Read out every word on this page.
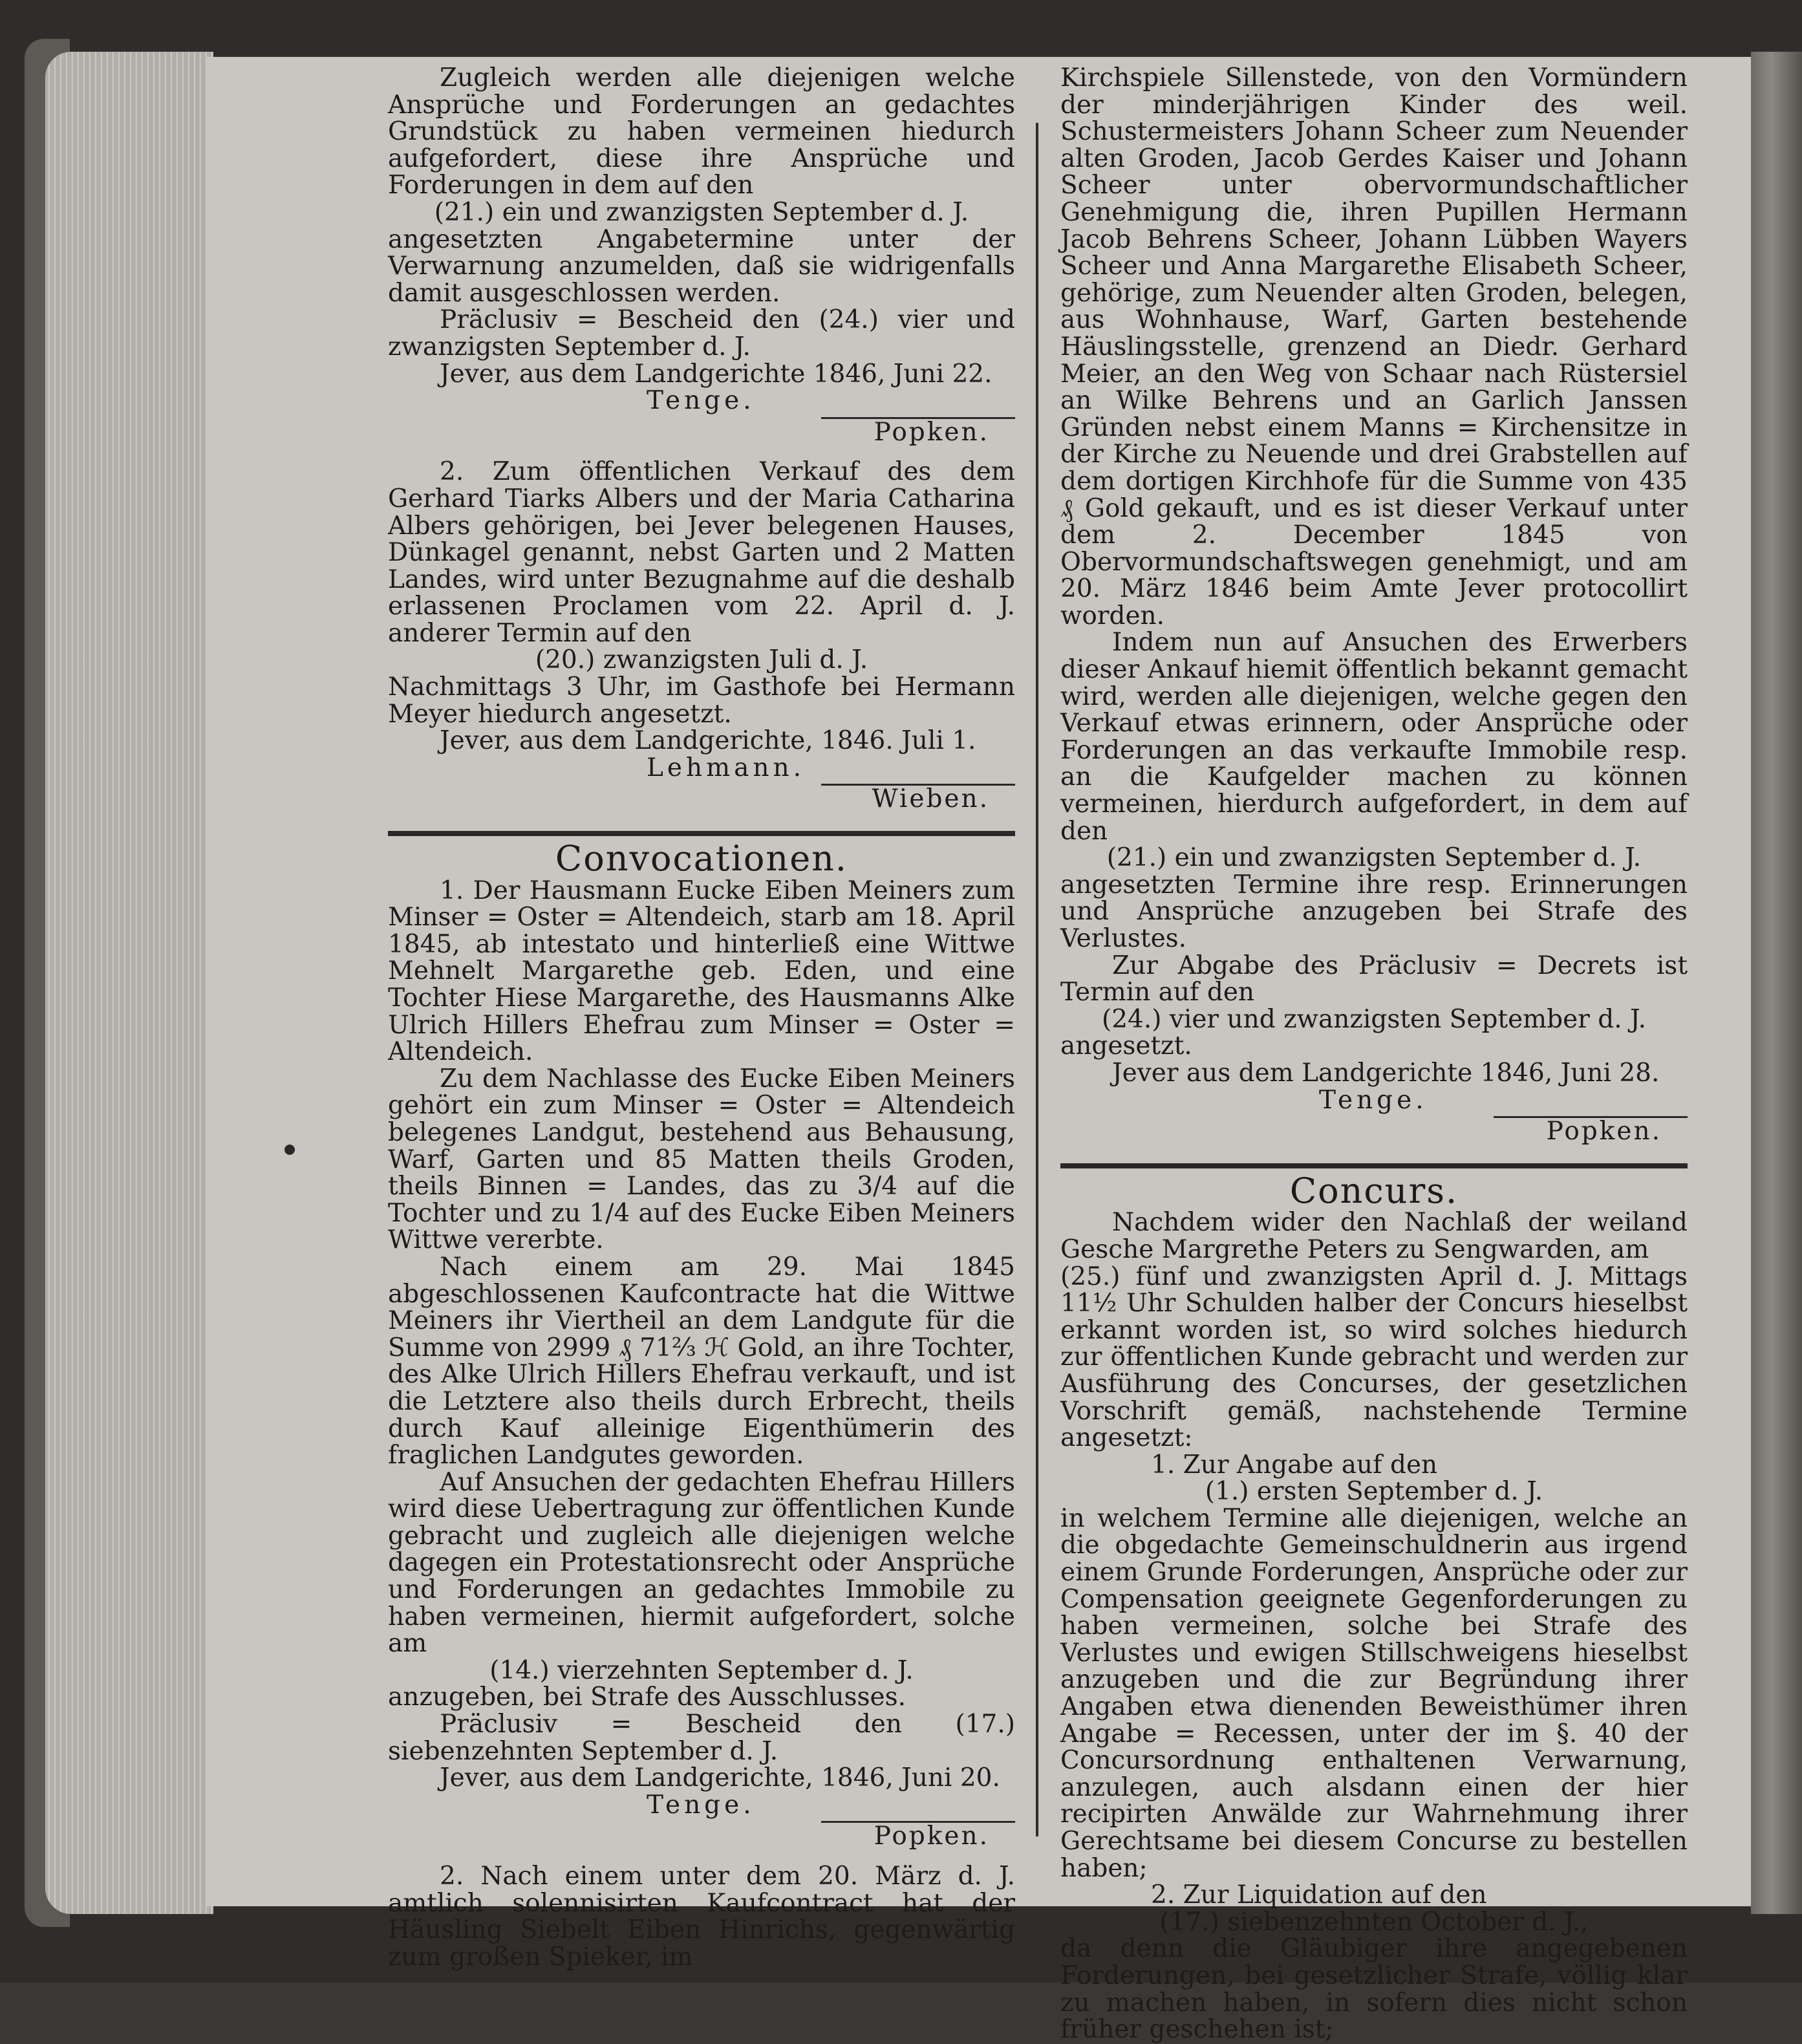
Zugleich werden alle diejenigen welche Ansprüche und Forderungen an gedachtes Grundstück zu haben vermeinen hiedurch aufgefordert, diese ihre Ansprüche und Forderungen in dem auf den

(21.) ein und zwanzigsten September d. J.

angesetzten Angabetermine unter der Verwarnung anzumelden, daß sie widrigenfalls damit ausgeschlossen werden.

Präclusiv = Bescheid den (24.) vier und zwanzigsten September d. J.

Jever, aus dem Landgerichte 1846, Juni 22.

Tenge.

Popken.

2. Zum öffentlichen Verkauf des dem Gerhard Tiarks Albers und der Maria Catharina Albers gehörigen, bei Jever belegenen Hauses, Dünkagel genannt, nebst Garten und 2 Matten Landes, wird unter Bezugnahme auf die deshalb erlassenen Proclamen vom 22. April d. J. anderer Termin auf den

(20.) zwanzigsten Juli d. J.

Nachmittags 3 Uhr, im Gasthofe bei Hermann Meyer hiedurch angesetzt.

Jever, aus dem Landgerichte, 1846. Juli 1.

Lehmann.

Wieben.

Convocationen.

1. Der Hausmann Eucke Eiben Meiners zum Minser = Oster = Altendeich, starb am 18. April 1845, ab intestato und hinterließ eine Wittwe Mehnelt Margarethe geb. Eden, und eine Tochter Hiese Margarethe, des Hausmanns Alke Ulrich Hillers Ehefrau zum Minser = Oster = Altendeich.

Zu dem Nachlasse des Eucke Eiben Meiners gehört ein zum Minser = Oster = Altendeich belegenes Landgut, bestehend aus Behausung, Warf, Garten und 85 Matten theils Groden, theils Binnen = Landes, das zu 3/4 auf die Tochter und zu 1/4 auf des Eucke Eiben Meiners Wittwe vererbte.

Nach einem am 29. Mai 1845 abgeschlossenen Kaufcontracte hat die Wittwe Meiners ihr Viertheil an dem Landgute für die Summe von 2999 ₰ 71⅔ ℋ Gold, an ihre Tochter, des Alke Ulrich Hillers Ehefrau verkauft, und ist die Letztere also theils durch Erbrecht, theils durch Kauf alleinige Eigenthümerin des fraglichen Landgutes geworden.

Auf Ansuchen der gedachten Ehefrau Hillers wird diese Uebertragung zur öffentlichen Kunde gebracht und zugleich alle diejenigen welche dagegen ein Protestationsrecht oder Ansprüche und Forderungen an gedachtes Immobile zu haben vermeinen, hiermit aufgefordert, solche am

(14.) vierzehnten September d. J.

anzugeben, bei Strafe des Ausschlusses.

Präclusiv = Bescheid den (17.) siebenzehnten September d. J.

Jever, aus dem Landgerichte, 1846, Juni 20.

Tenge.

Popken.

2. Nach einem unter dem 20. März d. J. amtlich solennisirten Kaufcontract hat der Häusling Siebelt Eiben Hinrichs, gegenwärtig zum großen Spieker, im

Kirchspiele Sillenstede, von den Vormündern der minderjährigen Kinder des weil. Schustermeisters Johann Scheer zum Neuender alten Groden, Jacob Gerdes Kaiser und Johann Scheer unter obervormundschaftlicher Genehmigung die, ihren Pupillen Hermann Jacob Behrens Scheer, Johann Lübben Wayers Scheer und Anna Margarethe Elisabeth Scheer, gehörige, zum Neuender alten Groden, belegen, aus Wohnhause, Warf, Garten bestehende Häuslingsstelle, grenzend an Diedr. Gerhard Meier, an den Weg von Schaar nach Rüstersiel an Wilke Behrens und an Garlich Janssen Gründen nebst einem Manns = Kirchensitze in der Kirche zu Neuende und drei Grabstellen auf dem dortigen Kirchhofe für die Summe von 435 ₰ Gold gekauft, und es ist dieser Verkauf unter dem 2. December 1845 von Obervormundschaftswegen genehmigt, und am 20. März 1846 beim Amte Jever protocollirt worden.

Indem nun auf Ansuchen des Erwerbers dieser Ankauf hiemit öffentlich bekannt gemacht wird, werden alle diejenigen, welche gegen den Verkauf etwas erinnern, oder Ansprüche oder Forderungen an das verkaufte Immobile resp. an die Kaufgelder machen zu können vermeinen, hierdurch aufgefordert, in dem auf den

(21.) ein und zwanzigsten September d. J.

angesetzten Termine ihre resp. Erinnerungen und Ansprüche anzugeben bei Strafe des Verlustes.

Zur Abgabe des Präclusiv = Decrets ist Termin auf den

(24.) vier und zwanzigsten September d. J.

angesetzt.

Jever aus dem Landgerichte 1846, Juni 28.

Tenge.

Popken.

Concurs.

Nachdem wider den Nachlaß der weiland Gesche Margrethe Peters zu Sengwarden, am

(25.) fünf und zwanzigsten April d. J. Mittags 11½ Uhr Schulden halber der Concurs hieselbst erkannt worden ist, so wird solches hiedurch zur öffentlichen Kunde gebracht und werden zur Ausführung des Concurses, der gesetzlichen Vorschrift gemäß, nachstehende Termine angesetzt:

1. Zur Angabe auf den

(1.) ersten September d. J.

in welchem Termine alle diejenigen, welche an die obgedachte Gemeinschuldnerin aus irgend einem Grunde Forderungen, Ansprüche oder zur Compensation geeignete Gegenforderungen zu haben vermeinen, solche bei Strafe des Verlustes und ewigen Stillschweigens hieselbst anzugeben und die zur Begründung ihrer Angaben etwa dienenden Beweisthümer ihren Angabe = Recessen, unter der im §. 40 der Concursordnung enthaltenen Verwarnung, anzulegen, auch alsdann einen der hier recipirten Anwälde zur Wahrnehmung ihrer Gerechtsame bei diesem Concurse zu bestellen haben;

2. Zur Liquidation auf den

(17.) siebenzehnten October d. J.,

da denn die Gläubiger ihre angegebenen Forderungen, bei gesetzlicher Strafe, völlig klar zu machen haben, in sofern dies nicht schon früher geschehen ist;
